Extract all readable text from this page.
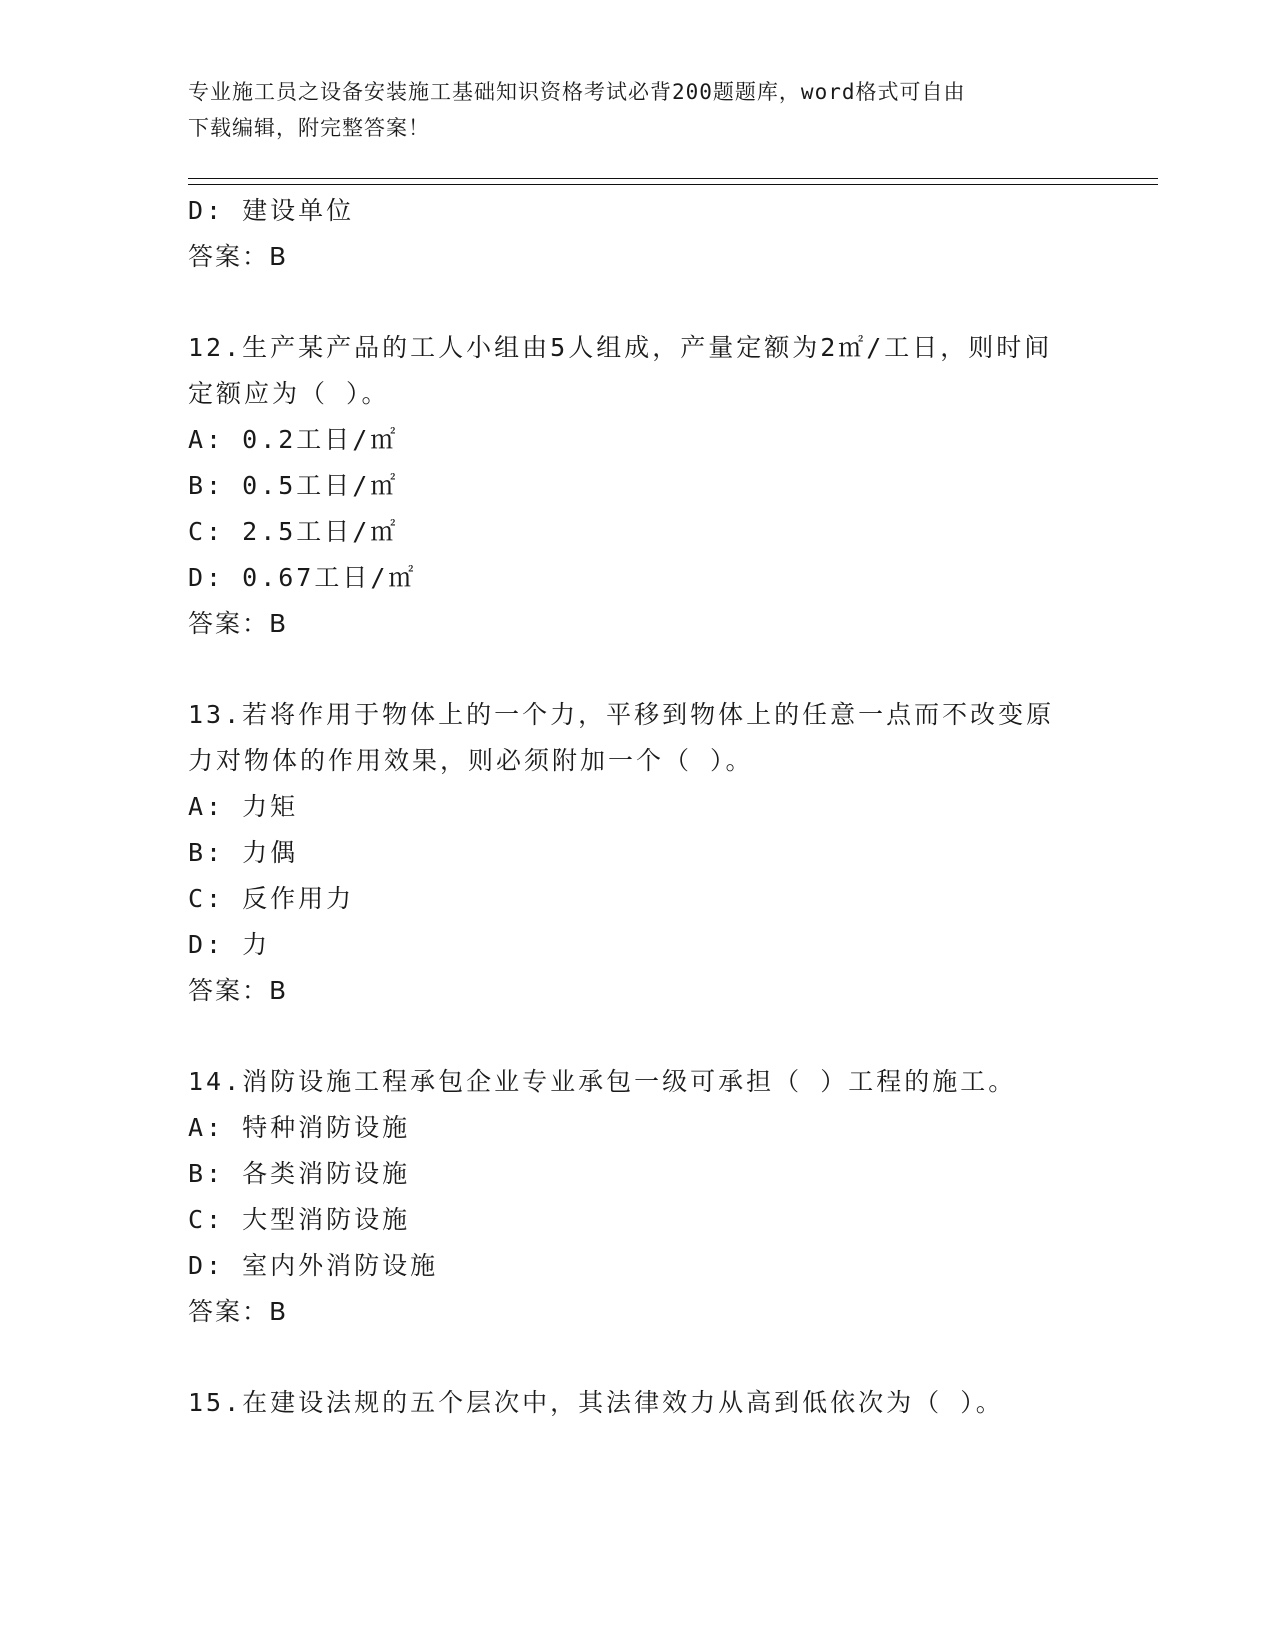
专业施工员之设备安装施工基础知识资格考试必背200题题库，word格式可自由
下载编辑，附完整答案！
D: 建设单位
答案：B
12.生产某产品的工人小组由5人组成，产量定额为2㎡/工日，则时间
定额应为（ ）。
A: 0.2工日/㎡
B: 0.5工日/㎡
C: 2.5工日/㎡
D: 0.67工日/㎡
答案：B
13.若将作用于物体上的一个力，平移到物体上的任意一点而不改变原
力对物体的作用效果，则必须附加一个（ ）。
A: 力矩
B: 力偶
C: 反作用力
D: 力
答案：B
14.消防设施工程承包企业专业承包一级可承担（ ）工程的施工。
A: 特种消防设施
B: 各类消防设施
C: 大型消防设施
D: 室内外消防设施
答案：B
15.在建设法规的五个层次中，其法律效力从高到低依次为（ ）。
